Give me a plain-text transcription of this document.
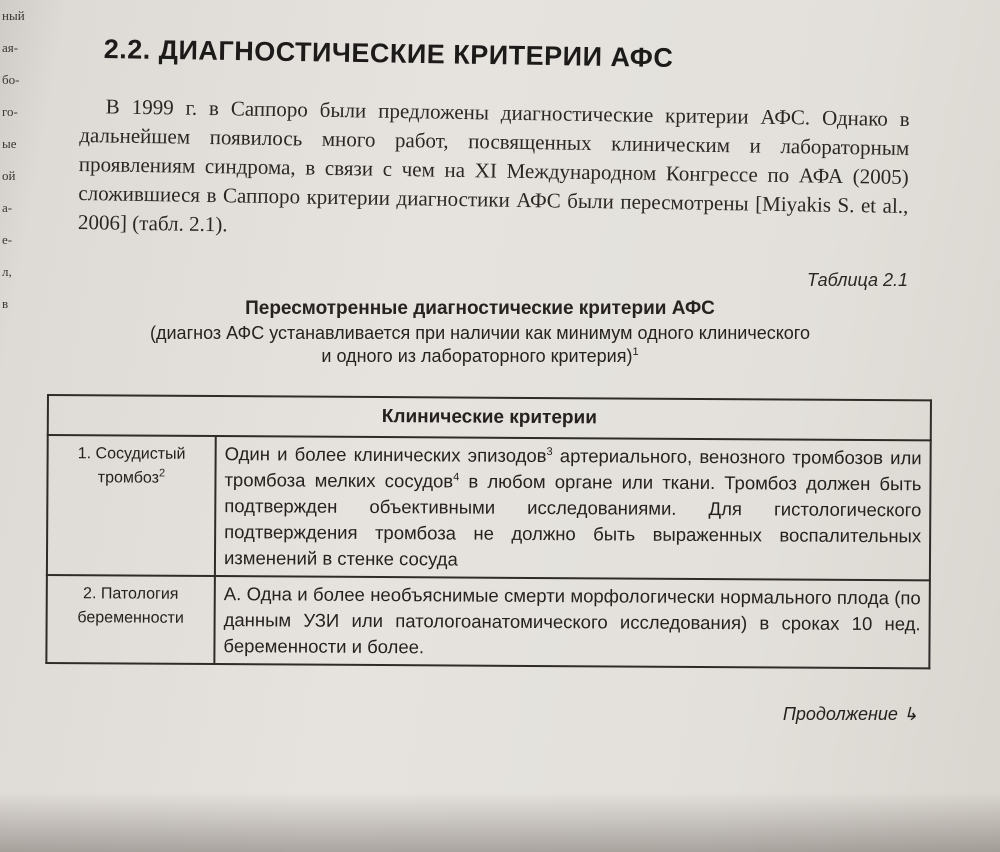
ный
ая-
бо-
го-
ые
ой
а-
е-
л,
в
2.2. ДИАГНОСТИЧЕСКИЕ КРИТЕРИИ АФС
В 1999 г. в Саппоро были предложены диагностические критерии АФС. Однако в дальнейшем появилось много работ, посвященных клиническим и лабораторным проявлениям синдрома, в связи с чем на XI Международном Конгрессе по АФА (2005) сложившиеся в Саппоро критерии диагностики АФС были пересмотрены [Miyakis S. et al., 2006] (табл. 2.1).
Таблица 2.1
Пересмотренные диагностические критерии АФС
(диагноз АФС устанавливается при наличии как минимум одного клинического и одного из лабораторного критерия)$^1$
Клинические критерии	
1. Сосудистый тромбоз$^2$	Один и более клинических эпизодов$^3$ артериального, венозного тромбозов или тромбоза мелких сосудов$^4$ в любом органе или ткани. Тромбоз должен быть подтвержден объективными исследованиями. Для гистологического подтверждения тромбоза не должно быть выраженных воспалительных изменений в стенке сосуда
2. Патология беременности	А. Одна и более необъяснимые смерти морфологически нормального плода (по данным УЗИ или патологоанатомического исследования) в сроках 10 нед. беременности и более.
Продолжение ↳
